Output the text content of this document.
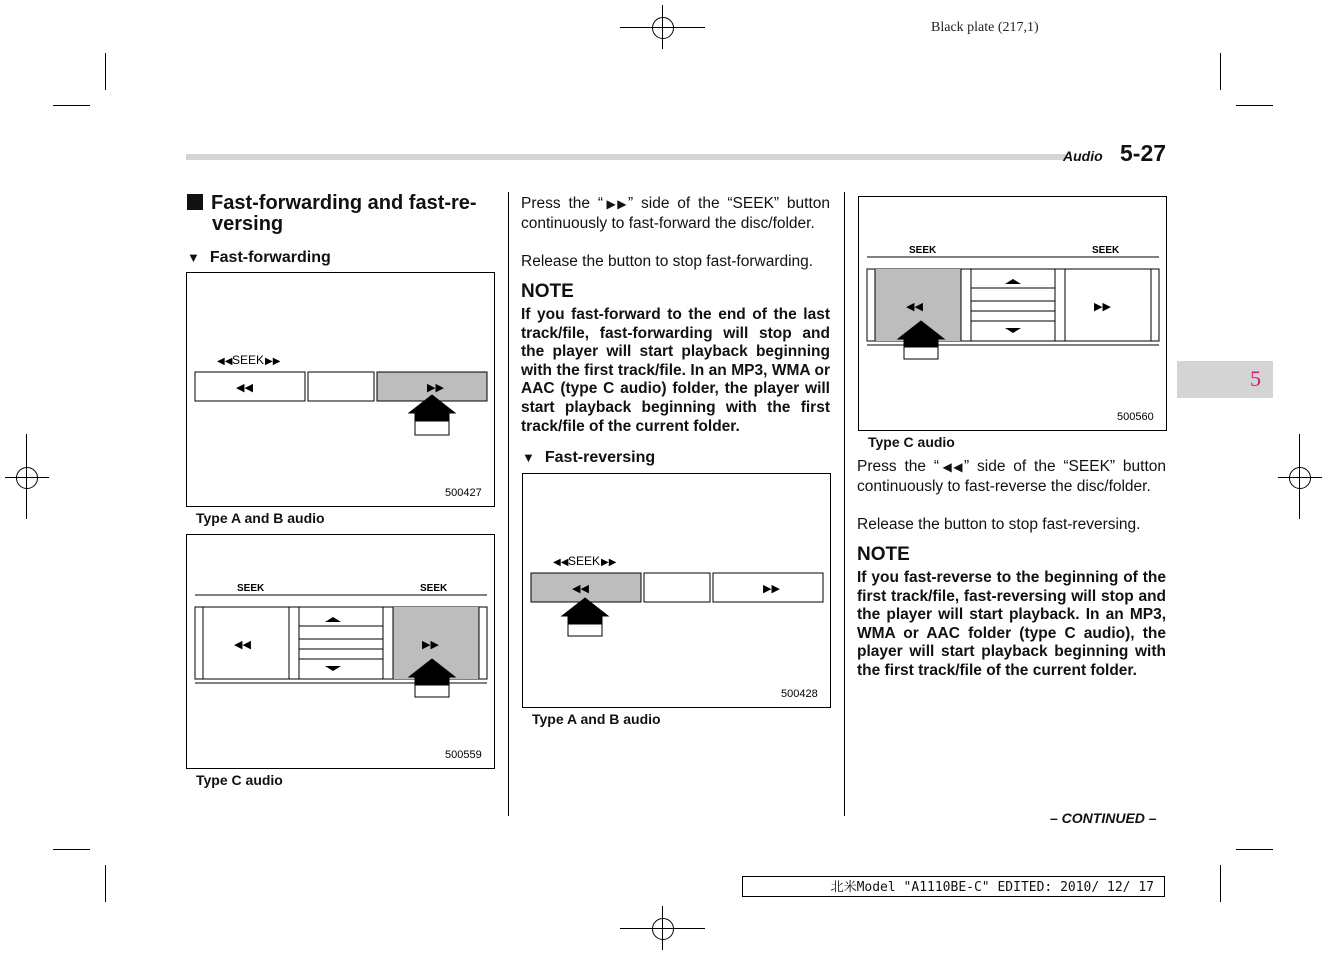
Black plate (217,1)
Audio 5-27
5
Fast-forwarding and fast-re-
versing
▼ Fast-forwarding
◀◀ SEEK ▶▶
◀◀	▶▶
500427
Type A and B audio
SEEK	SEEK
◀◀	▶▶
500559
Type C audio
Press the “▶▶” side of the “SEEK” button continuously to fast-forward the disc/folder.
Release the button to stop fast-forwarding.
NOTE
If you fast-forward to the end of the last track/file, fast-forwarding will stop and the player will start playback beginning with the first track/file. In an MP3, WMA or AAC (type C audio) folder, the player will start playback beginning with the first track/file of the current folder.
▼ Fast-reversing
◀◀ SEEK ▶▶
◀◀	▶▶
500428
Type A and B audio
SEEK	SEEK
◀◀	▶▶
500560
Type C audio
Press the “◀◀” side of the “SEEK” button continuously to fast-reverse the disc/folder.
Release the button to stop fast-reversing.
NOTE
If you fast-reverse to the beginning of the first track/file, fast-reversing will stop and the player will start playback. In an MP3, WMA or AAC folder (type C audio), the player will start playback beginning with the first track/file of the current folder.
– CONTINUED –
北米Model "A1110BE-C" EDITED: 2010/ 12/ 17
